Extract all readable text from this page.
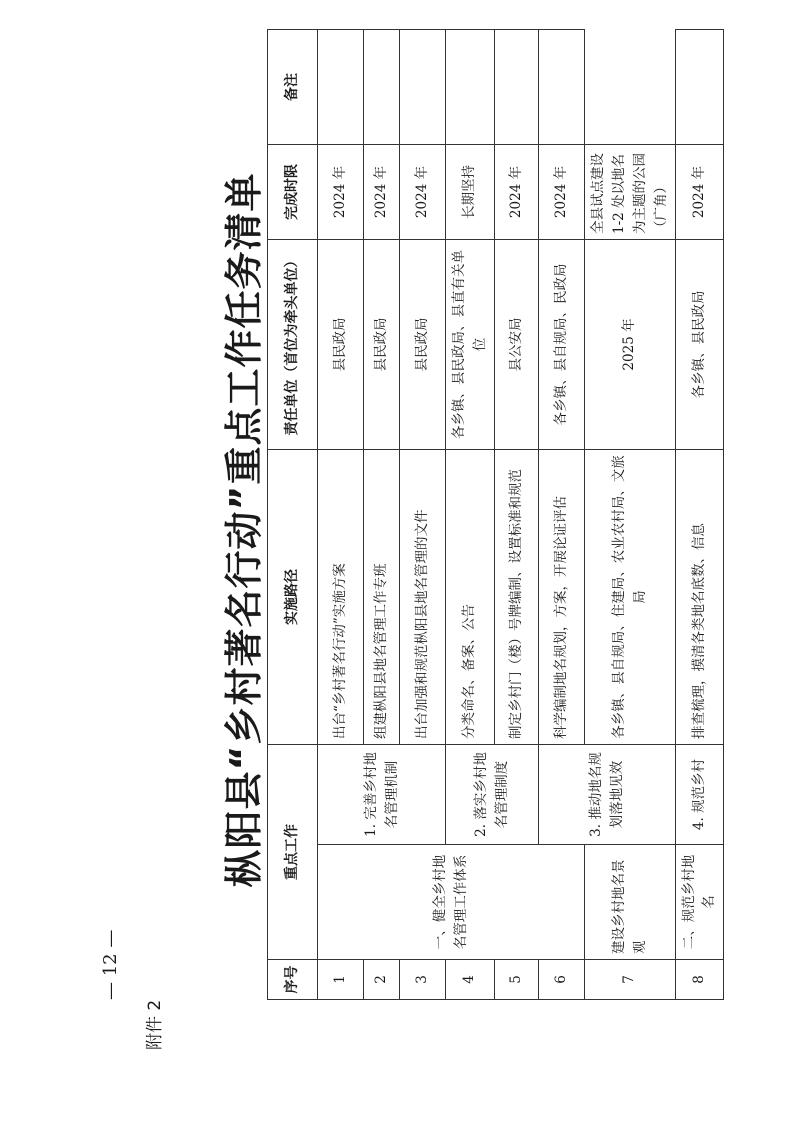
附件 2
— 12 —
枞阳县“乡村著名行动”重点工作任务清单
序号	重点工作		实施路径	责任单位（首位为牵头单位）	完成时限	备注
1	一、健全乡村地名管理工作体系	1. 完善乡村地名管理机制	出台“乡村著名行动”实施方案	县民政局	2024 年	
2			组建枞阳县地名管理工作专班	县民政局	2024 年	
3			出台加强和规范枞阳县地名管理的文件	县民政局	2024 年	
4		2. 落实乡村地名管理制度	分类命名、备案、公告	各乡镇、县民政局、县直有关单位	长期坚持	
5			制定乡村门（楼）号牌编制、设置标准和规范	县公安局	2024 年	
6		3. 推动地名规划落地见效	科学编制地名规划，方案，开展论证评估	各乡镇、县自规局、民政局	2024 年	
7	建设乡村地名景观		各乡镇、县自规局、住建局、农业农村局、文旅局	2025 年	全县试点建设 1-2 处以地名为主题的公园（广角）	
8	二、规范乡村地名	4. 规范乡村	排查梳理，摸清各类地名底数、信息	各乡镇、县民政局	2024 年	
